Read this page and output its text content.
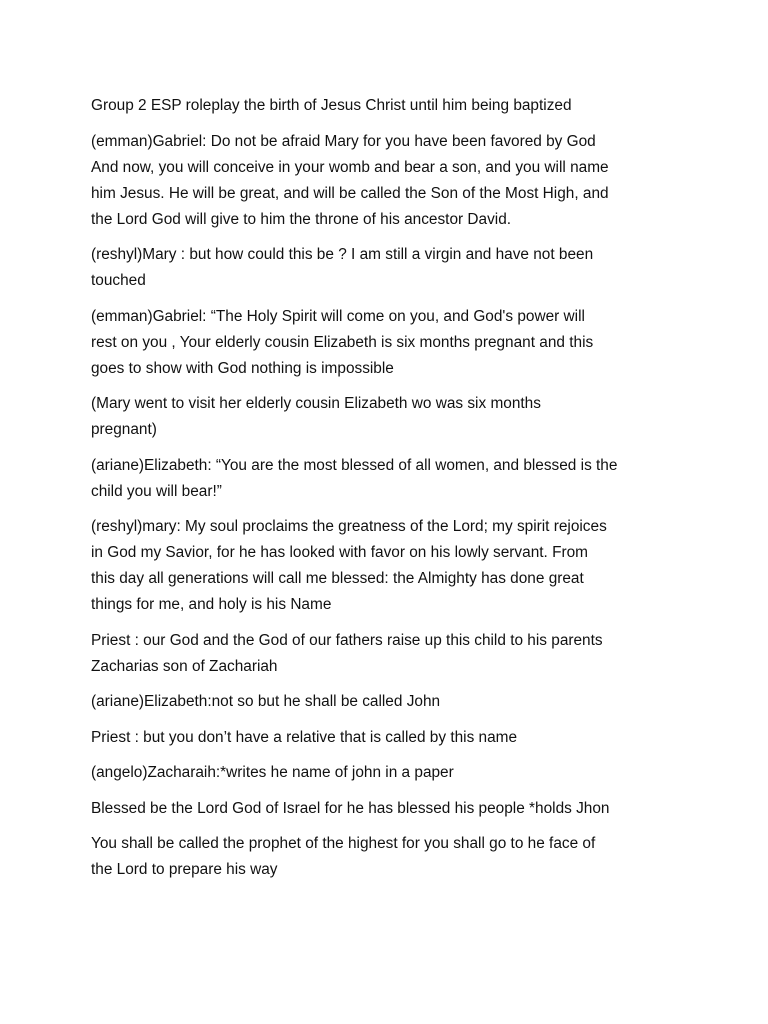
Group 2 ESP roleplay the birth of Jesus Christ until him being baptized

(emman)Gabriel: Do not be afraid Mary for you have been favored by God
And now, you will conceive in your womb and bear a son, and you will name
him Jesus. He will be great, and will be called the Son of the Most High, and
the Lord God will give to him the throne of his ancestor David.

(reshyl)Mary : but how could this be ? I am still a virgin and have not been
touched

(emman)Gabriel: “The Holy Spirit will come on you, and God's power will
rest on you , Your elderly cousin Elizabeth is six months pregnant and this
goes to show with God nothing is impossible

(Mary went to visit her elderly cousin Elizabeth wo was six months
pregnant)

(ariane)Elizabeth: “You are the most blessed of all women, and blessed is the
child you will bear!”

(reshyl)mary: My soul proclaims the greatness of the Lord; my spirit rejoices
in God my Savior, for he has looked with favor on his lowly servant. From
this day all generations will call me blessed: the Almighty has done great
things for me, and holy is his Name

Priest : our God and the God of our fathers raise up this child to his parents
Zacharias son of Zachariah

(ariane)Elizabeth:not so but he shall be called John

Priest : but you don’t have a relative that is called by this name

(angelo)Zacharaih:*writes he name of john in a paper

Blessed be the Lord God of Israel for he has blessed his people *holds Jhon

You shall be called the prophet of the highest for you shall go to he face of
the Lord to prepare his way
